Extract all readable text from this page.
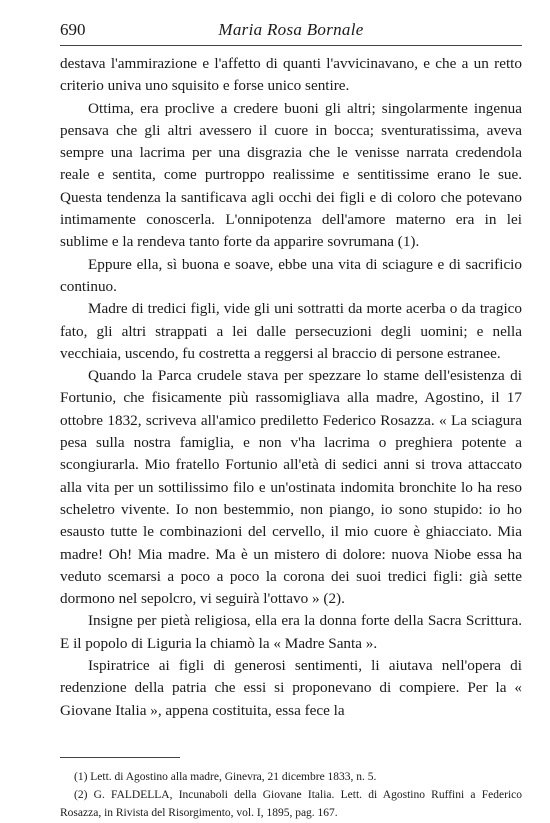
690	Maria Rosa Bornale

destava l'ammirazione e l'affetto di quanti l'avvicinavano, e che a un retto criterio univa uno squisito e forse unico sentire.

Ottima, era proclive a credere buoni gli altri; singolarmente ingenua pensava che gli altri avessero il cuore in bocca; sventuratissima, aveva sempre una lacrima per una disgrazia che le venisse narrata credendola reale e sentita, come purtroppo realissime e sentitissime erano le sue. Questa tendenza la santificava agli occhi dei figli e di coloro che potevano intimamente conoscerla. L'onnipotenza dell'amore materno era in lei sublime e la rendeva tanto forte da apparire sovrumana (1).

Eppure ella, sì buona e soave, ebbe una vita di sciagure e di sacrificio continuo.

Madre di tredici figli, vide gli uni sottratti da morte acerba o da tragico fato, gli altri strappati a lei dalle persecuzioni degli uomini; e nella vecchiaia, uscendo, fu costretta a reggersi al braccio di persone estranee.

Quando la Parca crudele stava per spezzare lo stame dell'esistenza di Fortunio, che fisicamente più rassomigliava alla madre, Agostino, il 17 ottobre 1832, scriveva all'amico prediletto Federico Rosazza. « La sciagura pesa sulla nostra famiglia, e non v'ha lacrima o preghiera potente a scongiurarla. Mio fratello Fortunio all'età di sedici anni si trova attaccato alla vita per un sottilissimo filo e un'ostinata indomita bronchite lo ha reso scheletro vivente. Io non bestemmio, non piango, io sono stupido: io ho esausto tutte le combinazioni del cervello, il mio cuore è ghiacciato. Mia madre! Oh! Mia madre. Ma è un mistero di dolore: nuova Niobe essa ha veduto scemarsi a poco a poco la corona dei suoi tredici figli: già sette dormono nel sepolcro, vi seguirà l'ottavo » (2).

Insigne per pietà religiosa, ella era la donna forte della Sacra Scrittura. E il popolo di Liguria la chiamò la « Madre Santa ».

Ispiratrice ai figli di generosi sentimenti, li aiutava nell'opera di redenzione della patria che essi si proponevano di compiere. Per la « Giovane Italia », appena costituita, essa fece la

(1) Lett. di Agostino alla madre, Ginevra, 21 dicembre 1833, n. 5.

(2) G. FALDELLA, Incunaboli della Giovane Italia. Lett. di Agostino Ruffini a Federico Rosazza, in Rivista del Risorgimento, vol. I, 1895, pag. 167.
